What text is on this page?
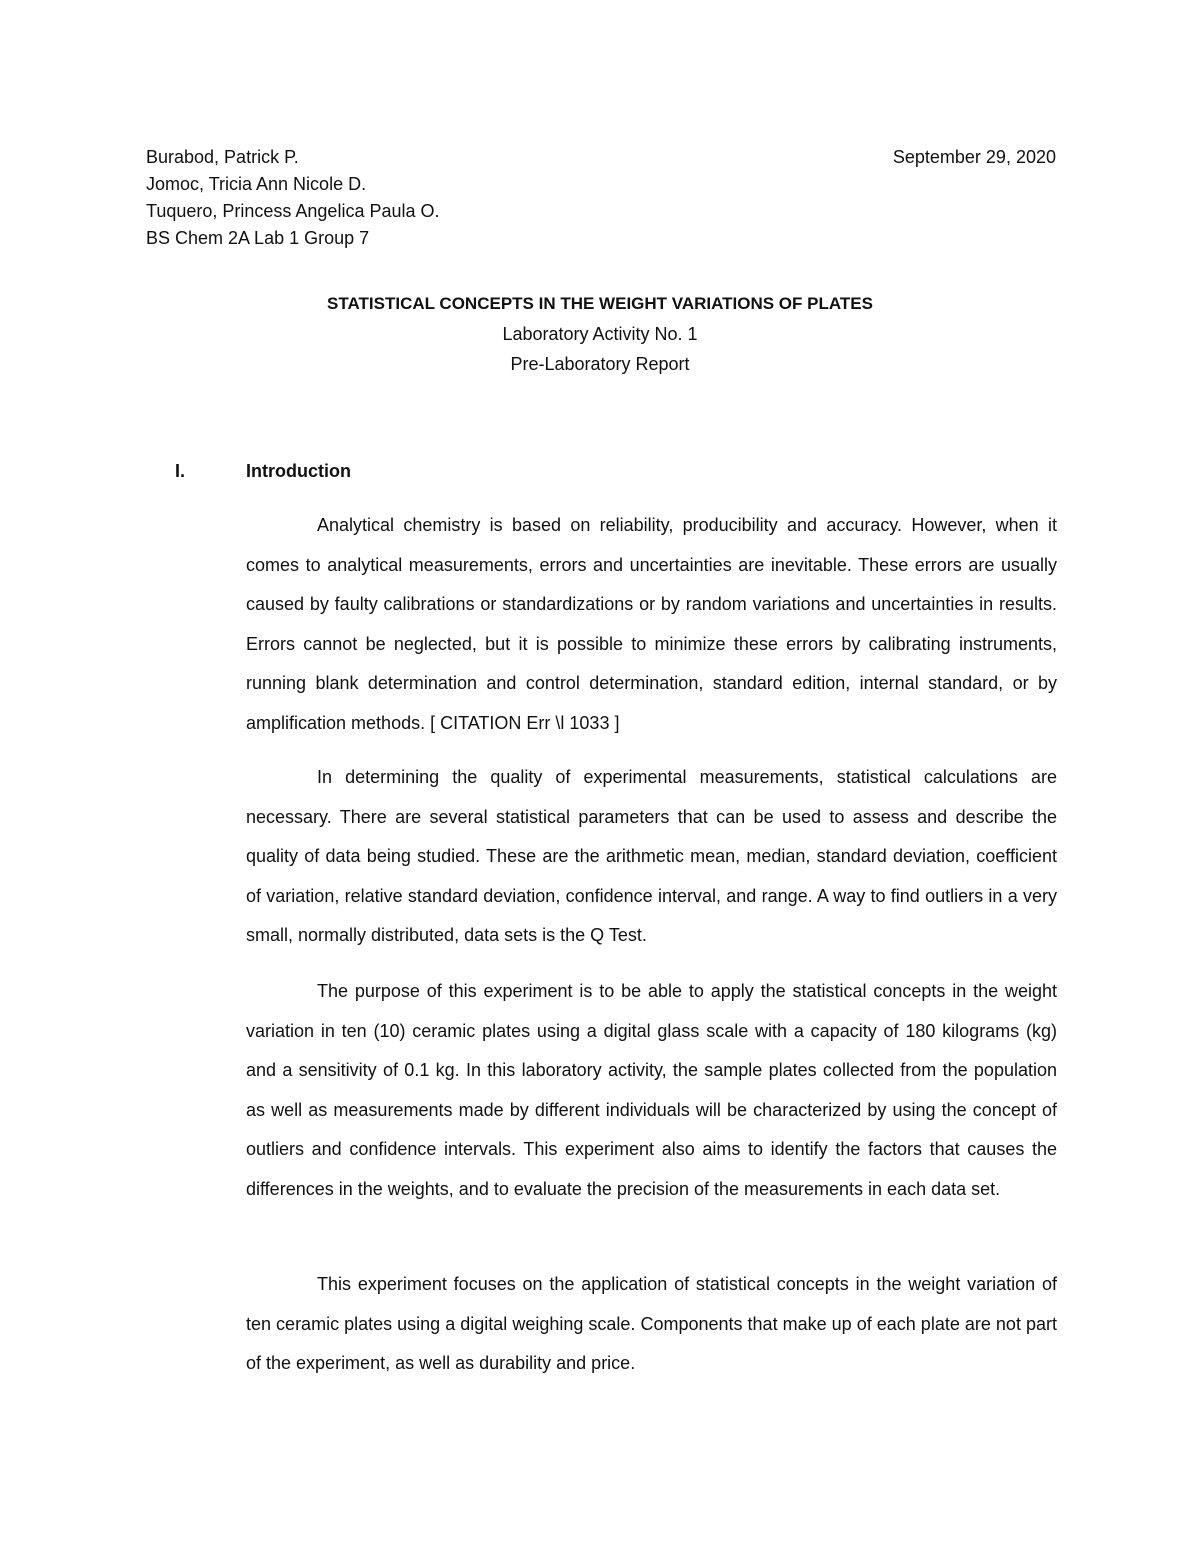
Burabod, Patrick P.
Jomoc, Tricia Ann Nicole D.
Tuquero, Princess Angelica Paula O.
BS Chem 2A Lab 1 Group 7
September 29, 2020
STATISTICAL CONCEPTS IN THE WEIGHT VARIATIONS OF PLATES
Laboratory Activity No. 1
Pre-Laboratory Report
I.	Introduction

Analytical chemistry is based on reliability, producibility and accuracy. However, when it comes to analytical measurements, errors and uncertainties are inevitable. These errors are usually caused by faulty calibrations or standardizations or by random variations and uncertainties in results. Errors cannot be neglected, but it is possible to minimize these errors by calibrating instruments, running blank determination and control determination, standard edition, internal standard, or by amplification methods. [ CITATION Err \l 1033 ]

In determining the quality of experimental measurements, statistical calculations are necessary. There are several statistical parameters that can be used to assess and describe the quality of data being studied. These are the arithmetic mean, median, standard deviation, coefficient of variation, relative standard deviation, confidence interval, and range. A way to find outliers in a very small, normally distributed, data sets is the Q Test.

The purpose of this experiment is to be able to apply the statistical concepts in the weight variation in ten (10) ceramic plates using a digital glass scale with a capacity of 180 kilograms (kg) and a sensitivity of 0.1 kg. In this laboratory activity, the sample plates collected from the population as well as measurements made by different individuals will be characterized by using the concept of outliers and confidence intervals. This experiment also aims to identify the factors that causes the differences in the weights, and to evaluate the precision of the measurements in each data set.

This experiment focuses on the application of statistical concepts in the weight variation of ten ceramic plates using a digital weighing scale. Components that make up of each plate are not part of the experiment, as well as durability and price.
